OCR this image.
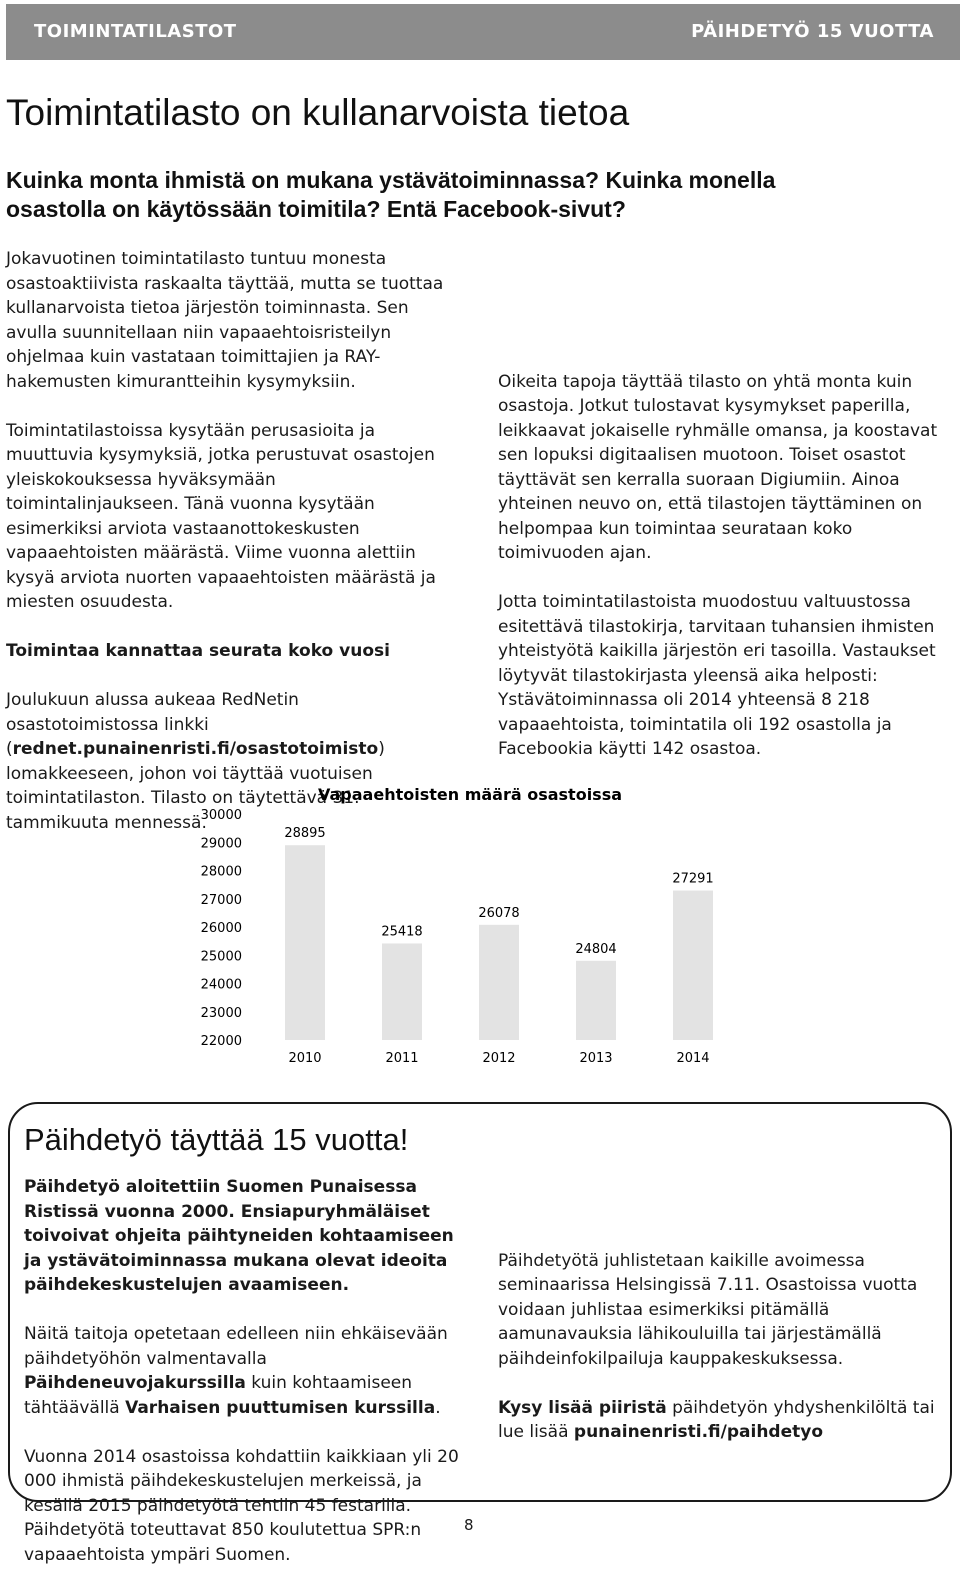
TOIMINTATILASTOT	PÄIHDETYÖ 15 VUOTTA
Toimintatilasto on kullanarvoista tietoa
Kuinka monta ihmistä on mukana ystävätoiminnassa? Kuinka monella
osastolla on käytössään toimitila? Entä Facebook-sivut?

Jokavuotinen toimintatilasto tuntuu monesta osastoaktiivista raskaalta täyttää, mutta se tuottaa kullanarvoista tietoa järjestön toiminnasta. Sen avulla suunnitellaan niin vapaaehtoisristeilyn ohjelmaa kuin vastataan toimittajien ja RAY-hakemusten kimurantteihin kysymyksiin.

Toimintatilastoissa kysytään perusasioita ja muuttuvia kysymyksiä, jotka perustuvat osastojen yleiskokouksessa hyväksymään toimintalinjaukseen. Tänä vuonna kysytään esimerkiksi arviota vastaanottokeskusten vapaaehtoisten määrästä. Viime vuonna alettiin kysyä arviota nuorten vapaaehtoisten määrästä ja miesten osuudesta.

Toimintaa kannattaa seurata koko vuosi

Joulukuun alussa aukeaa RedNetin osastotoimistossa linkki (rednet.punainenristi.fi/osastotoimisto) lomakkeeseen, johon voi täyttää vuotuisen toimintatilaston. Tilasto on täytettävä 31. tammikuuta mennessä.

Oikeita tapoja täyttää tilasto on yhtä monta kuin osastoja. Jotkut tulostavat kysymykset paperilla, leikkaavat jokaiselle ryhmälle omansa, ja koostavat sen lopuksi digitaalisen muotoon. Toiset osastot täyttävät sen kerralla suoraan Digiumiin. Ainoa yhteinen neuvo on, että tilastojen täyttäminen on helpompaa kun toimintaa seurataan koko toimivuoden ajan.

Jotta toimintatilastoista muodostuu valtuustossa esitettävä tilastokirja, tarvitaan tuhansien ihmisten yhteistyötä kaikilla järjestön eri tasoilla. Vastaukset löytyvät tilastokirjasta yleensä aika helposti: Ystävätoiminnassa oli 2014 yhteensä 8 218 vapaaehtoista, toimintatila oli 192 osastolla ja Facebookia käytti 142 osastoa.

Vapaaehtoisten määrä osastoissa
30000
29000
28000
27000
26000
25000
24000
23000
22000
28895
25418
26078
24804
27291
2010	2011	2012	2013	2014
Päihdetyö täyttää 15 vuotta!

Päihdetyö aloitettiin Suomen Punaisessa Ristissä vuonna 2000. Ensiapuryhmäläiset toivoivat ohjeita päihtyneiden kohtaamiseen ja ystävätoiminnassa mukana olevat ideoita päihdekeskustelujen avaamiseen.

Näitä taitoja opetetaan edelleen niin ehkäisevään päihdetyöhön valmentavalla Päihdeneuvojakurssilla kuin kohtaamiseen tähtäävällä Varhaisen puuttumisen kurssilla.

Vuonna 2014 osastoissa kohdattiin kaikkiaan yli 20 000 ihmistä päihdekeskustelujen merkeissä, ja kesällä 2015 päihdetyötä tehtiin 45 festarilla. Päihdetyötä toteuttavat 850 koulutettua SPR:n vapaaehtoista ympäri Suomen.

Päihdetyötä juhlistetaan kaikille avoimessa seminaarissa Helsingissä 7.11. Osastoissa vuotta voidaan juhlistaa esimerkiksi pitämällä aamunavauksia lähikouluilla tai järjestämällä päihdeinfokilpailuja kauppakeskuksessa.

Kysy lisää piiristä päihdetyön yhdyshenkilöltä tai lue lisää punainenristi.fi/paihdetyo

8
